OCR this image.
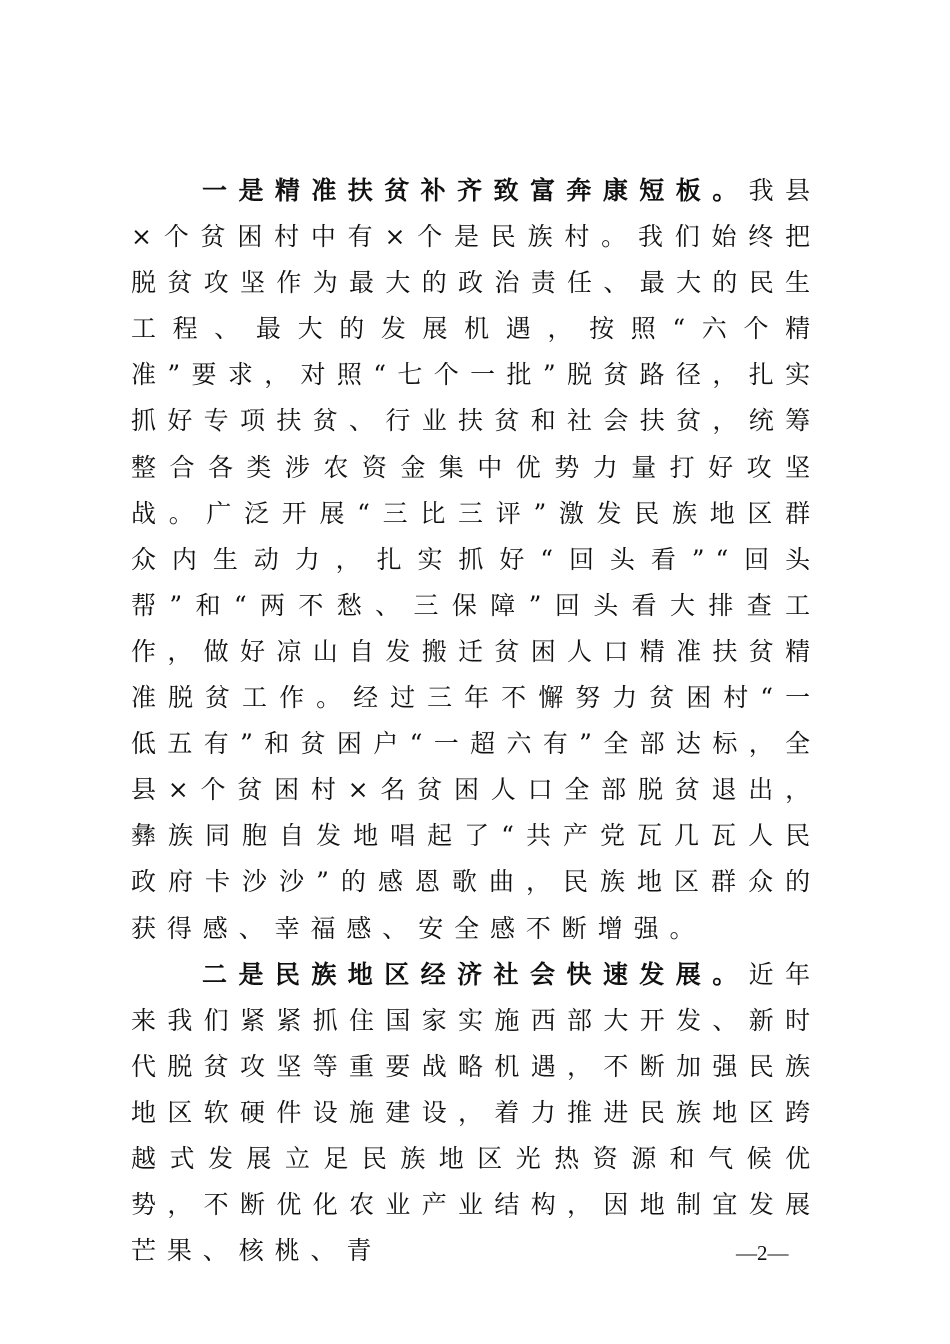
一是精准扶贫补齐致富奔康短板。我县×个贫困村中有×个是民族村。我们始终把脱贫攻坚作为最大的政治责任、最大的民生工程、最大的发展机遇，按照“六个精准”要求，对照“七个一批”脱贫路径，扎实抓好专项扶贫、行业扶贫和社会扶贫，统筹整合各类涉农资金集中优势力量打好攻坚战。广泛开展“三比三评”激发民族地区群众内生动力，扎实抓好“回头看”“回头帮”和“两不愁、三保障”回头看大排查工作，做好凉山自发搬迁贫困人口精准扶贫精准脱贫工作。经过三年不懈努力贫困村“一低五有”和贫困户“一超六有”全部达标，全县×个贫困村×名贫困人口全部脱贫退出，彝族同胞自发地唱起了“共产党瓦几瓦人民政府卡沙沙”的感恩歌曲，民族地区群众的获得感、幸福感、安全感不断增强。

二是民族地区经济社会快速发展。近年来我们紧紧抓住国家实施西部大开发、新时代脱贫攻坚等重要战略机遇，不断加强民族地区软硬件设施建设，着力推进民族地区跨越式发展立足民族地区光热资源和气候优势，不断优化农业产业结构，因地制宜发展芒果、核桃、青	—2—
